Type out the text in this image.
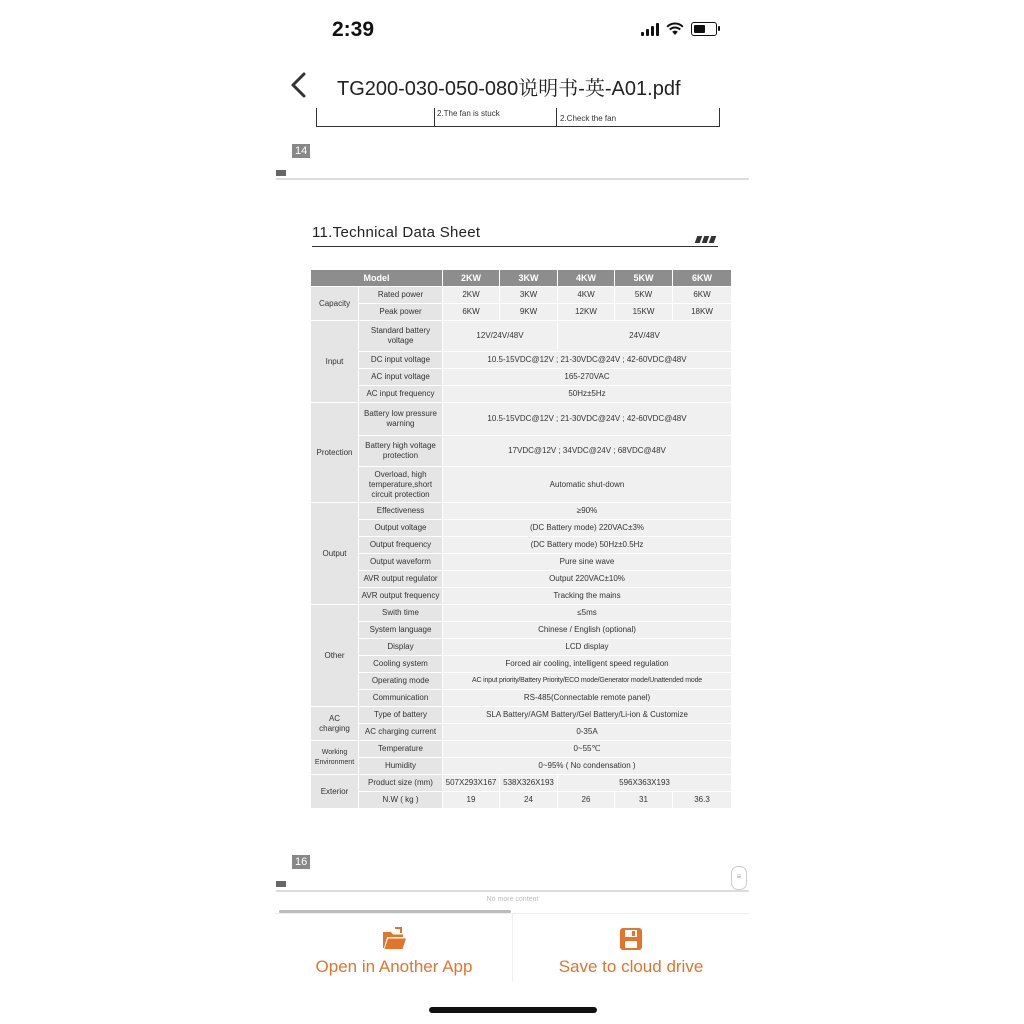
2:39
TG200-030-050-080说明书-英-A01.pdf
2.The fan is stuck
2.Check the fan
14
11.Technical Data Sheet
Model		2KW	3KW	4KW	5KW	6KW
Capacity	Rated power	2KW	3KW	4KW	5KW	6KW
	Peak power	6KW	9KW	12KW	15KW	18KW
Input	Standard battery voltage	12V/24V/48V		24V/48V		
	DC input voltage	10.5-15VDC@12V ; 21-30VDC@24V ; 42-60VDC@48V				
	AC input voltage	165-270VAC				
	AC input frequency	50Hz±5Hz				
Protection	Battery low pressure warning	10.5-15VDC@12V ; 21-30VDC@24V ; 42-60VDC@48V				
	Battery high voltage protection	17VDC@12V ; 34VDC@24V ; 68VDC@48V				
	Overload, high temperature,short circuit protection	Automatic shut-down				
Output	Effectiveness	≥90%				
	Output voltage	(DC Battery mode) 220VAC±3%				
	Output frequency	(DC Battery mode) 50Hz±0.5Hz				
	Output waveform	Pure sine wave				
	AVR output regulator	Output 220VAC±10%				
	AVR output frequency	Tracking the mains				
Other	Swith time	≤5ms				
	System language	Chinese / English (optional)				
	Display	LCD display				
	Cooling system	Forced air cooling, intelligent speed regulation				
	Operating mode	AC input priority/Battery Priority/ECO mode/Generator mode/Unattended mode				
	Communication	RS-485(Connectable remote panel)				
AC charging	Type of battery	SLA Battery/AGM Battery/Gel Battery/Li-ion & Customize				
	AC charging current	0-35A				
Working Environment	Temperature	0~55℃				
	Humidity	0~95% ( No condensation )				
Exterior	Product size (mm)	507X293X167	538X326X193	596X363X193		
	N.W ( kg )	19	24	26	31	36.3
16
≡
No more content
Open in Another App	Save to cloud drive
